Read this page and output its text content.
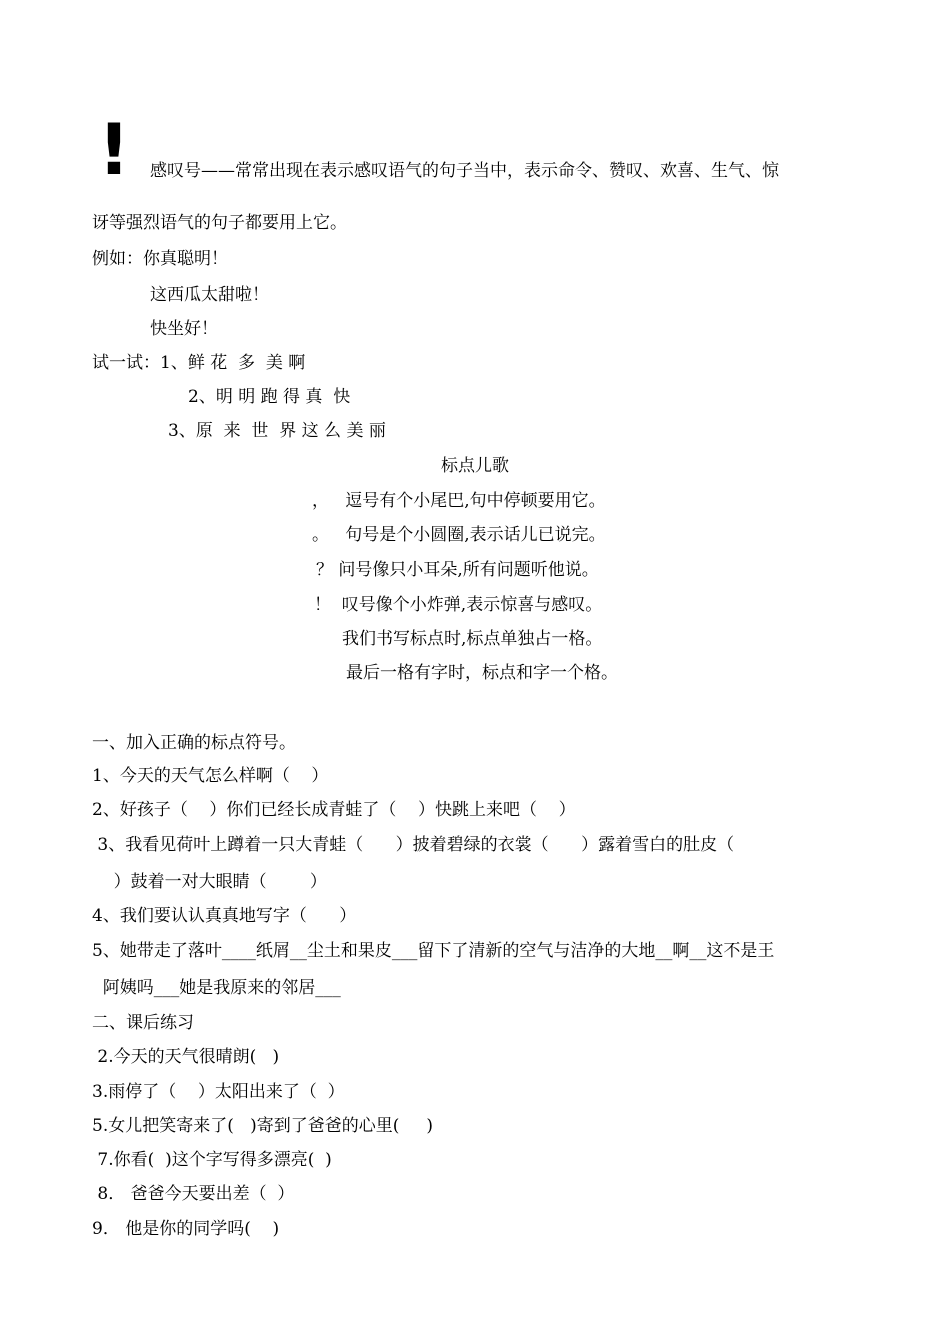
! 感叹号——常常出现在表示感叹语气的句子当中，表示命令、赞叹、欢喜、生气、惊
讶等强烈语气的句子都要用上它。
例如：你真聪明！
这西瓜太甜啦！
快坐好！
试一试：1、鲜 花  多  美 啊
2、明 明 跑 得 真  快
3、原  来  世  界 这 么 美 丽
标点儿歌
，   逗号有个小尾巴,句中停顿要用它。
。   句号是个小圆圈,表示话儿已说完。
？ 问号像只小耳朵,所有问题听他说。
！  叹号像个小炸弹,表示惊喜与感叹。
我们书写标点时,标点单独占一格。
最后一格有字时，标点和字一个格。
一、加入正确的标点符号。
1、今天的天气怎么样啊（    ）
2、好孩子（    ）你们已经长成青蛙了（    ）快跳上来吧（    ）
3、我看见荷叶上蹲着一只大青蛙（      ）披着碧绿的衣裳（      ）露着雪白的肚皮（
）鼓着一对大眼睛（        ）
4、我们要认认真真地写字（      ）
5、她带走了落叶____纸屑__尘土和果皮___留下了清新的空气与洁净的大地__啊__这不是王
阿姨吗___她是我原来的邻居___
二、课后练习
2.今天的天气很晴朗(   )
3.雨停了（    ）太阳出来了（  ）
5.女儿把笑寄来了(   )寄到了爸爸的心里(     )
7.你看(  )这个字写得多漂亮(  )
8． 爸爸今天要出差（  ）
9． 他是你的同学吗(    )
